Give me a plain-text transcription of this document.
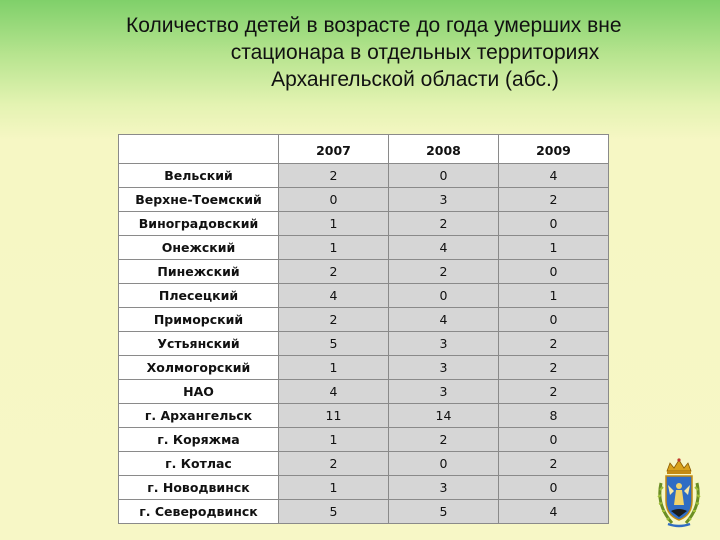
Количество детей в возрасте до года умерших вне
стационара в отдельных территориях
Архангельской области (абс.)
	2007	2008	2009
Вельский	2	0	4
Верхне-Тоемский	0	3	2
Виноградовский	1	2	0
Онежский	1	4	1
Пинежский	2	2	0
Плесецкий	4	0	1
Приморский	2	4	0
Устьянский	5	3	2
Холмогорский	1	3	2
НАО	4	3	2
г. Архангельск	11	14	8
г. Коряжма	1	2	0
г. Котлас	2	0	2
г. Новодвинск	1	3	0
г. Северодвинск	5	5	4
